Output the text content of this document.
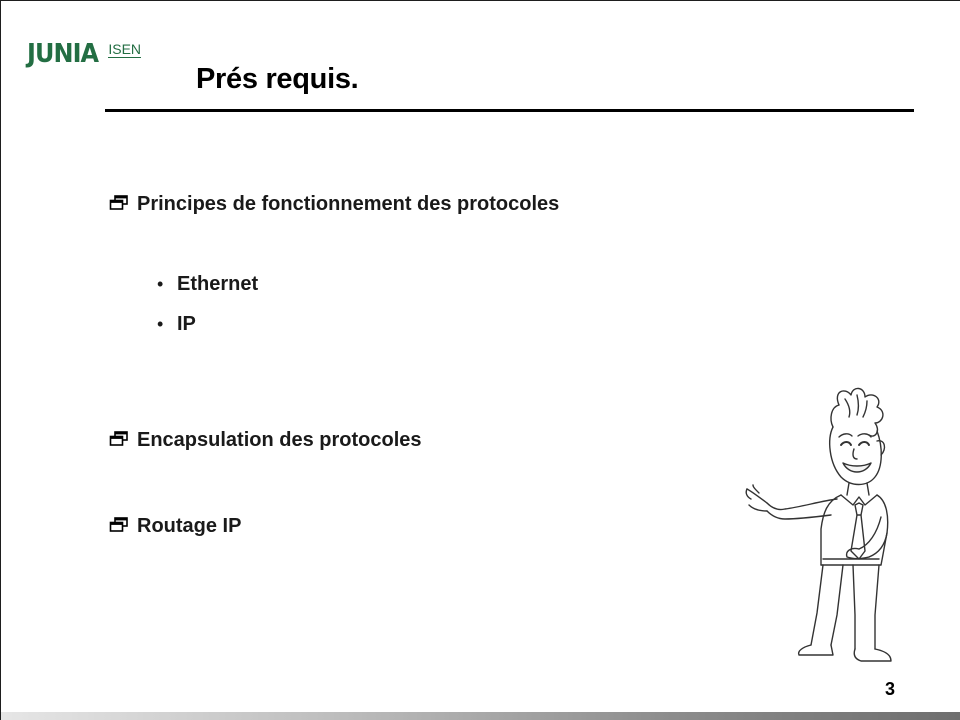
JUNIA ISEN
Prés requis.
Principes de fonctionnement des protocoles
• Ethernet
• IP
Encapsulation des protocoles
Routage IP
3
